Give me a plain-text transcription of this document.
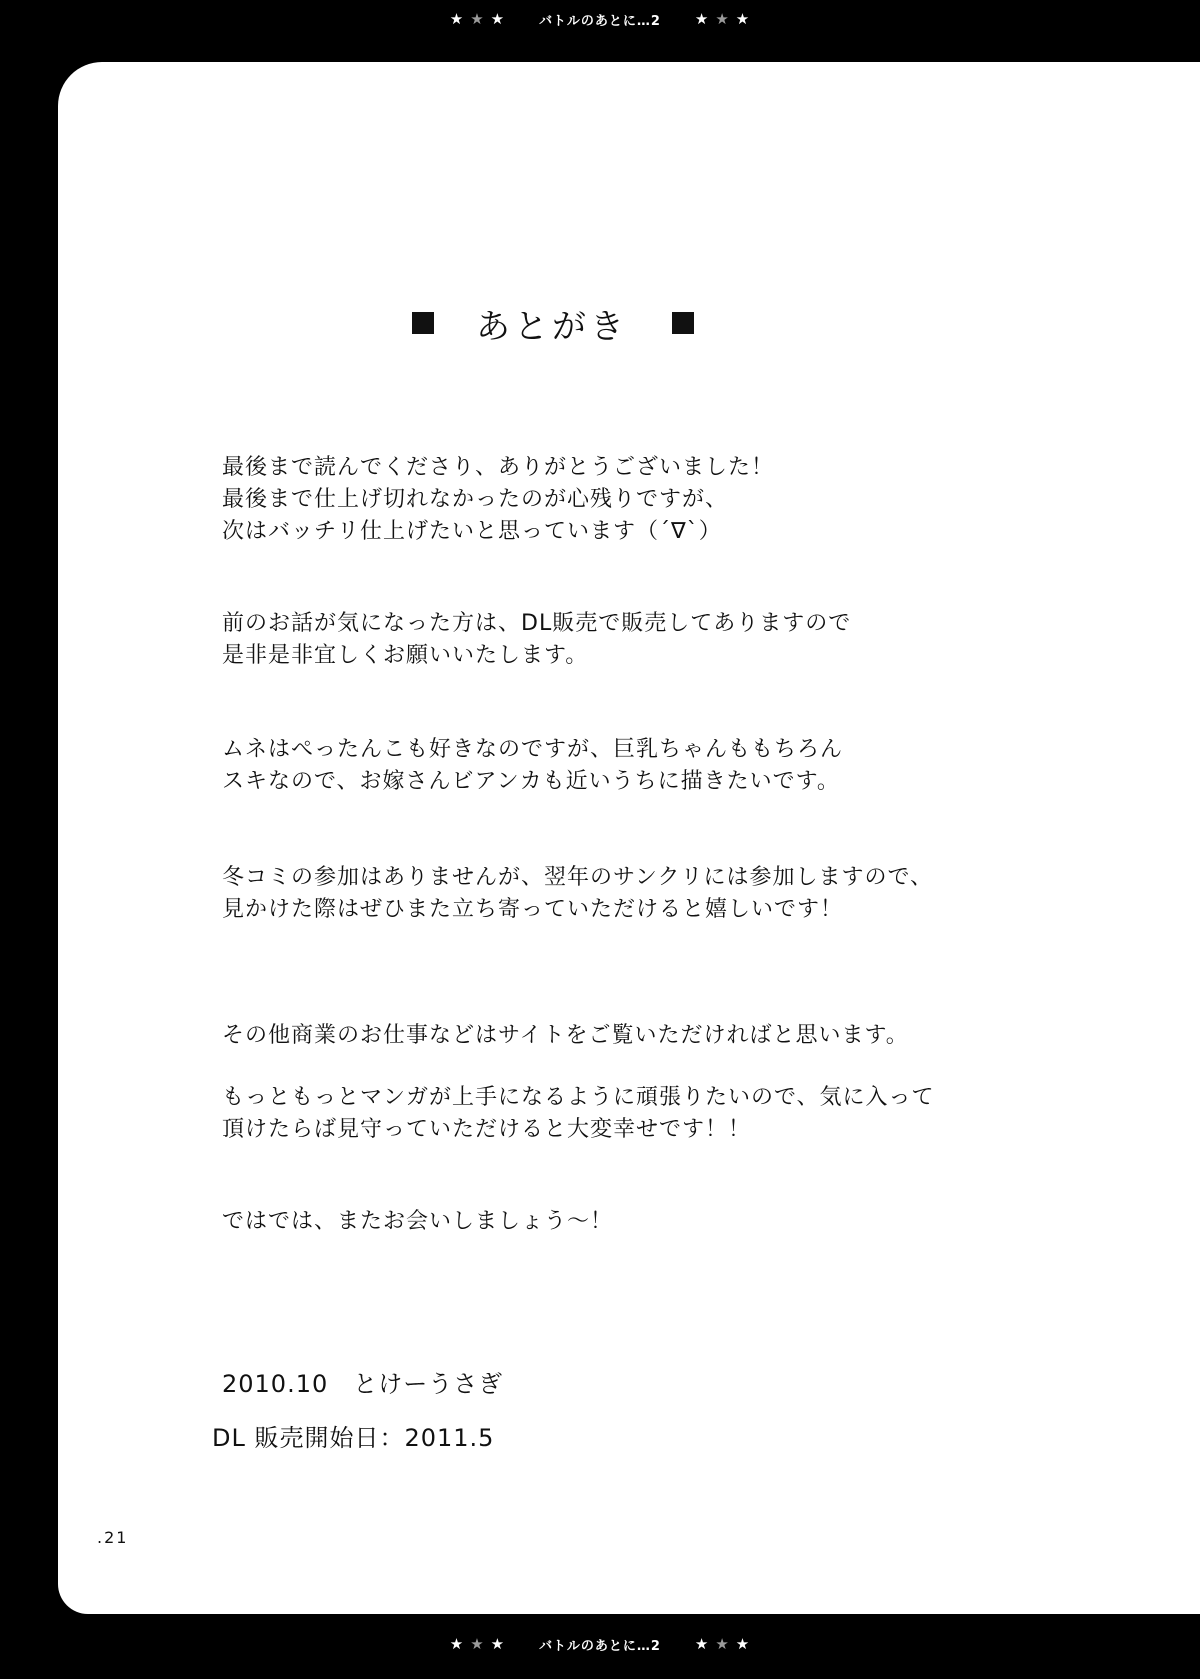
★ ★ ★	バトルのあとに…2 ★ ★ ★
あとがき
最後まで読んでくださり、ありがとうございました！
最後まで仕上げ切れなかったのが心残りですが、
次はバッチリ仕上げたいと思っています（´∇`）
前のお話が気になった方は、DL販売で販売してありますので
是非是非宜しくお願いいたします。
ムネはぺったんこも好きなのですが、巨乳ちゃんももちろん
スキなので、お嫁さんビアンカも近いうちに描きたいです。
冬コミの参加はありませんが、翌年のサンクリには参加しますので、
見かけた際はぜひまた立ち寄っていただけると嬉しいです！
その他商業のお仕事などはサイトをご覧いただければと思います。
もっともっとマンガが上手になるように頑張りたいので、気に入って
頂けたらば見守っていただけると大変幸せです！！
ではでは、またお会いしましょう～！
2010.10　とけーうさぎ
DL 販売開始日：2011.5
.21
★ ★ ★	バトルのあとに…2 ★ ★ ★
